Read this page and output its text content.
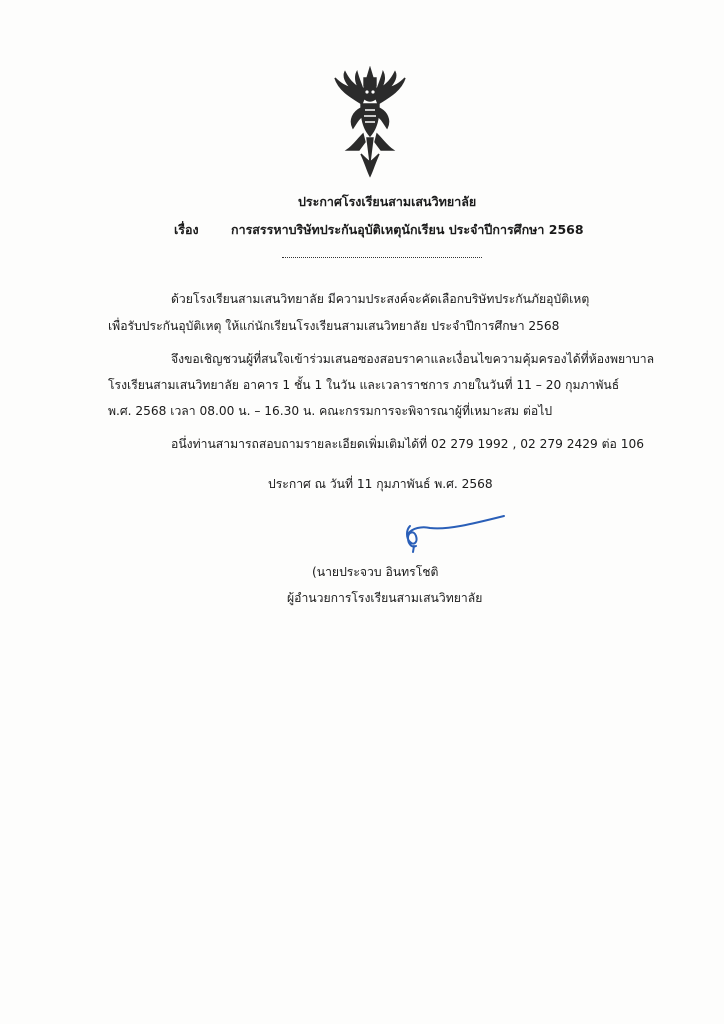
ประกาศโรงเรียนสามเสนวิทยาลัย
เรื่อง	การสรรหาบริษัทประกันอุบัติเหตุนักเรียน ประจำปีการศึกษา 2568
ด้วยโรงเรียนสามเสนวิทยาลัย มีความประสงค์จะคัดเลือกบริษัทประกันภัยอุบัติเหตุ
เพื่อรับประกันอุบัติเหตุ ให้แก่นักเรียนโรงเรียนสามเสนวิทยาลัย ประจำปีการศึกษา 2568
จึงขอเชิญชวนผู้ที่สนใจเข้าร่วมเสนอซองสอบราคาและเงื่อนไขความคุ้มครองได้ที่ห้องพยาบาล
โรงเรียนสามเสนวิทยาลัย อาคาร 1 ชั้น 1 ในวัน และเวลาราชการ ภายในวันที่ 11 – 20 กุมภาพันธ์
พ.ศ. 2568 เวลา 08.00 น. – 16.30 น. คณะกรรมการจะพิจารณาผู้ที่เหมาะสม ต่อไป
อนึ่งท่านสามารถสอบถามรายละเอียดเพิ่มเติมได้ที่ 02 279 1992 , 02 279 2429 ต่อ 106
ประกาศ ณ วันที่ 11 กุมภาพันธ์ พ.ศ. 2568
(นายประจวบ อินทรโชติ
ผู้อำนวยการโรงเรียนสามเสนวิทยาลัย
